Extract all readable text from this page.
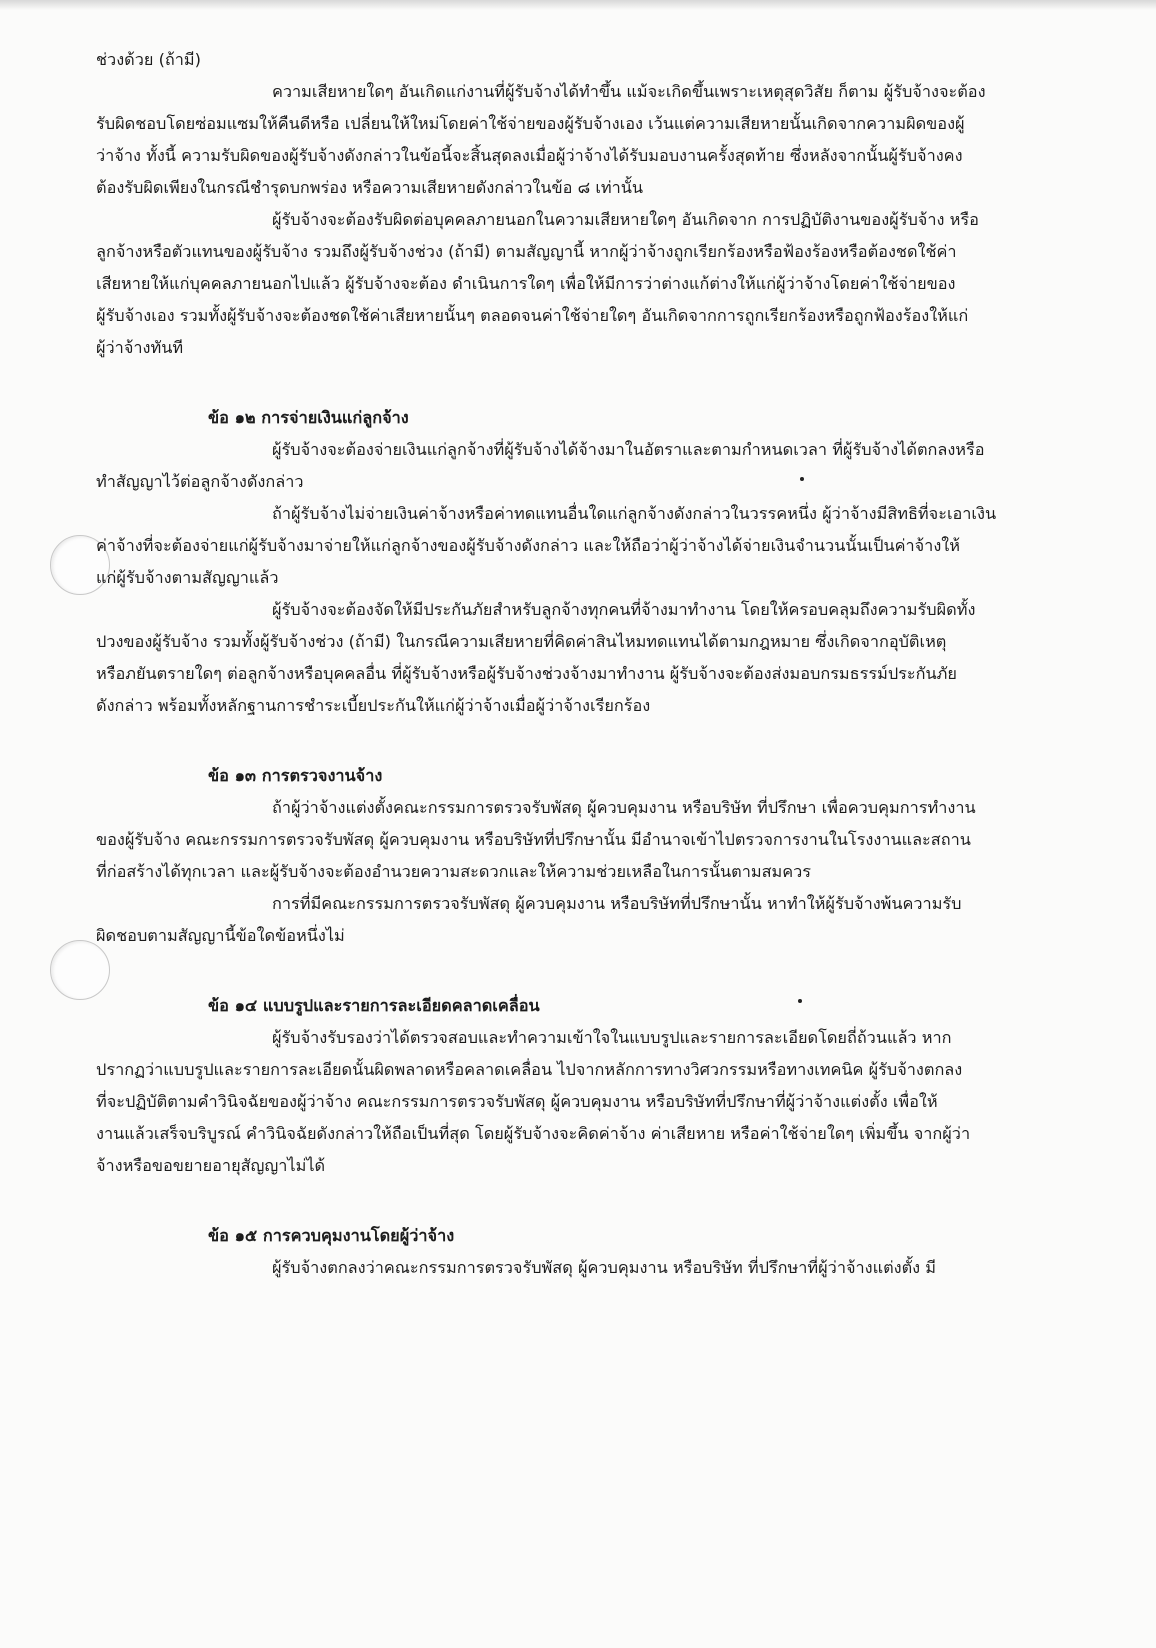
ช่วงด้วย (ถ้ามี)
ความเสียหายใดๆ อันเกิดแก่งานที่ผู้รับจ้างได้ทำขึ้น แม้จะเกิดขึ้นเพราะเหตุสุดวิสัย ก็ตาม ผู้รับจ้างจะต้อง
รับผิดชอบโดยซ่อมแซมให้คืนดีหรือ เปลี่ยนให้ใหม่โดยค่าใช้จ่ายของผู้รับจ้างเอง เว้นแต่ความเสียหายนั้นเกิดจากความผิดของผู้
ว่าจ้าง ทั้งนี้ ความรับผิดของผู้รับจ้างดังกล่าวในข้อนี้จะสิ้นสุดลงเมื่อผู้ว่าจ้างได้รับมอบงานครั้งสุดท้าย ซึ่งหลังจากนั้นผู้รับจ้างคง
ต้องรับผิดเพียงในกรณีชำรุดบกพร่อง หรือความเสียหายดังกล่าวในข้อ ๘ เท่านั้น
ผู้รับจ้างจะต้องรับผิดต่อบุคคลภายนอกในความเสียหายใดๆ อันเกิดจาก การปฏิบัติงานของผู้รับจ้าง หรือ
ลูกจ้างหรือตัวแทนของผู้รับจ้าง รวมถึงผู้รับจ้างช่วง (ถ้ามี) ตามสัญญานี้ หากผู้ว่าจ้างถูกเรียกร้องหรือฟ้องร้องหรือต้องชดใช้ค่า
เสียหายให้แก่บุคคลภายนอกไปแล้ว ผู้รับจ้างจะต้อง ดำเนินการใดๆ เพื่อให้มีการว่าต่างแก้ต่างให้แก่ผู้ว่าจ้างโดยค่าใช้จ่ายของ
ผู้รับจ้างเอง รวมทั้งผู้รับจ้างจะต้องชดใช้ค่าเสียหายนั้นๆ ตลอดจนค่าใช้จ่ายใดๆ อันเกิดจากการถูกเรียกร้องหรือถูกฟ้องร้องให้แก่
ผู้ว่าจ้างทันที
ข้อ ๑๒ การจ่ายเงินแก่ลูกจ้าง
ผู้รับจ้างจะต้องจ่ายเงินแก่ลูกจ้างที่ผู้รับจ้างได้จ้างมาในอัตราและตามกำหนดเวลา ที่ผู้รับจ้างได้ตกลงหรือ
ทำสัญญาไว้ต่อลูกจ้างดังกล่าว
ถ้าผู้รับจ้างไม่จ่ายเงินค่าจ้างหรือค่าทดแทนอื่นใดแก่ลูกจ้างดังกล่าวในวรรคหนึ่ง ผู้ว่าจ้างมีสิทธิที่จะเอาเงิน
ค่าจ้างที่จะต้องจ่ายแก่ผู้รับจ้างมาจ่ายให้แก่ลูกจ้างของผู้รับจ้างดังกล่าว และให้ถือว่าผู้ว่าจ้างได้จ่ายเงินจำนวนนั้นเป็นค่าจ้างให้
แก่ผู้รับจ้างตามสัญญาแล้ว
ผู้รับจ้างจะต้องจัดให้มีประกันภัยสำหรับลูกจ้างทุกคนที่จ้างมาทำงาน โดยให้ครอบคลุมถึงความรับผิดทั้ง
ปวงของผู้รับจ้าง รวมทั้งผู้รับจ้างช่วง (ถ้ามี) ในกรณีความเสียหายที่คิดค่าสินไหมทดแทนได้ตามกฎหมาย ซึ่งเกิดจากอุบัติเหตุ
หรือภยันตรายใดๆ ต่อลูกจ้างหรือบุคคลอื่น ที่ผู้รับจ้างหรือผู้รับจ้างช่วงจ้างมาทำงาน ผู้รับจ้างจะต้องส่งมอบกรมธรรม์ประกันภัย
ดังกล่าว พร้อมทั้งหลักฐานการชำระเบี้ยประกันให้แก่ผู้ว่าจ้างเมื่อผู้ว่าจ้างเรียกร้อง
ข้อ ๑๓ การตรวจงานจ้าง
ถ้าผู้ว่าจ้างแต่งตั้งคณะกรรมการตรวจรับพัสดุ ผู้ควบคุมงาน หรือบริษัท ที่ปรึกษา เพื่อควบคุมการทำงาน
ของผู้รับจ้าง คณะกรรมการตรวจรับพัสดุ ผู้ควบคุมงาน หรือบริษัทที่ปรึกษานั้น มีอำนาจเข้าไปตรวจการงานในโรงงานและสถาน
ที่ก่อสร้างได้ทุกเวลา และผู้รับจ้างจะต้องอำนวยความสะดวกและให้ความช่วยเหลือในการนั้นตามสมควร
การที่มีคณะกรรมการตรวจรับพัสดุ ผู้ควบคุมงาน หรือบริษัทที่ปรึกษานั้น หาทำให้ผู้รับจ้างพ้นความรับ
ผิดชอบตามสัญญานี้ข้อใดข้อหนึ่งไม่
ข้อ ๑๔ แบบรูปและรายการละเอียดคลาดเคลื่อน
ผู้รับจ้างรับรองว่าได้ตรวจสอบและทำความเข้าใจในแบบรูปและรายการละเอียดโดยถี่ถ้วนแล้ว หาก
ปรากฏว่าแบบรูปและรายการละเอียดนั้นผิดพลาดหรือคลาดเคลื่อน ไปจากหลักการทางวิศวกรรมหรือทางเทคนิค ผู้รับจ้างตกลง
ที่จะปฏิบัติตามคำวินิจฉัยของผู้ว่าจ้าง คณะกรรมการตรวจรับพัสดุ ผู้ควบคุมงาน หรือบริษัทที่ปรึกษาที่ผู้ว่าจ้างแต่งตั้ง เพื่อให้
งานแล้วเสร็จบริบูรณ์ คำวินิจฉัยดังกล่าวให้ถือเป็นที่สุด โดยผู้รับจ้างจะคิดค่าจ้าง ค่าเสียหาย หรือค่าใช้จ่ายใดๆ เพิ่มขึ้น จากผู้ว่า
จ้างหรือขอขยายอายุสัญญาไม่ได้
ข้อ ๑๕ การควบคุมงานโดยผู้ว่าจ้าง
ผู้รับจ้างตกลงว่าคณะกรรมการตรวจรับพัสดุ ผู้ควบคุมงาน หรือบริษัท ที่ปรึกษาที่ผู้ว่าจ้างแต่งตั้ง มี
